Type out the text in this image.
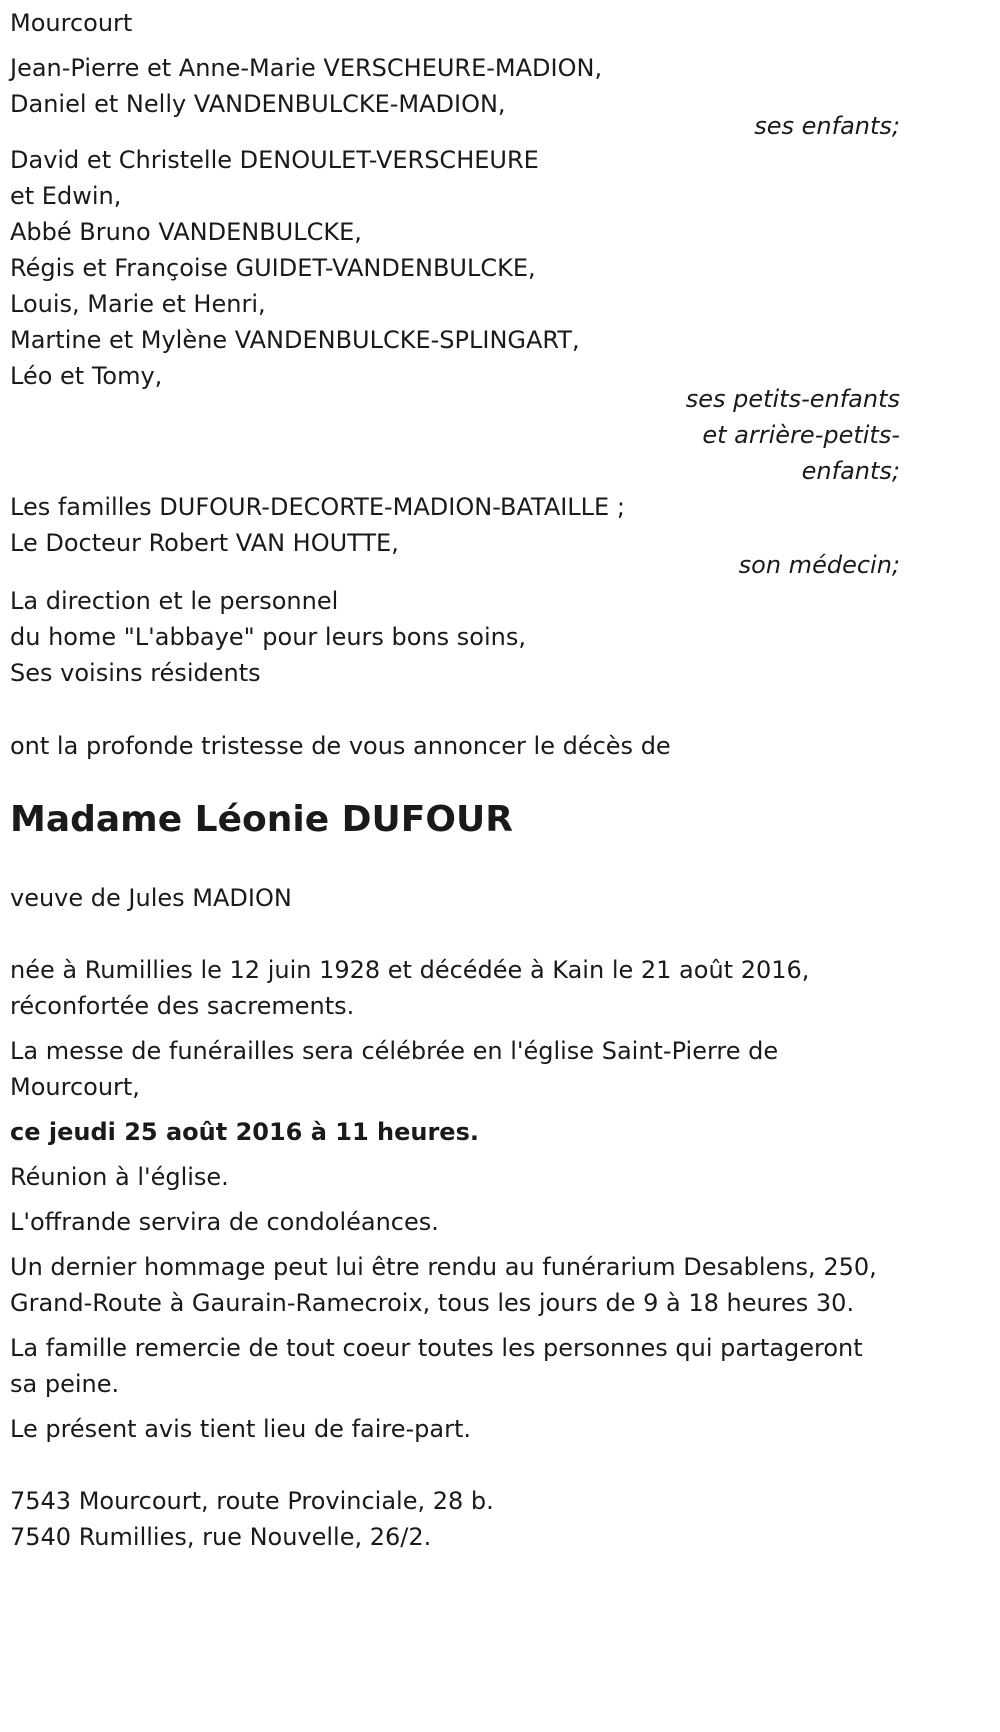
Mourcourt
Jean-Pierre et Anne-Marie VERSCHEURE-MADION,
Daniel et Nelly VANDENBULCKE-MADION,
ses enfants;
David et Christelle DENOULET-VERSCHEURE
et Edwin,
Abbé Bruno VANDENBULCKE,
Régis et Françoise GUIDET-VANDENBULCKE,
Louis, Marie et Henri,
Martine et Mylène VANDENBULCKE-SPLINGART,
Léo et Tomy,
ses petits-enfants
et arrière-petits-
enfants;
Les familles DUFOUR-DECORTE-MADION-BATAILLE ;
Le Docteur Robert VAN HOUTTE,
son médecin;
La direction et le personnel
du home "L'abbaye" pour leurs bons soins,
Ses voisins résidents
ont la profonde tristesse de vous annoncer le décès de
Madame Léonie DUFOUR
veuve de Jules MADION
née à Rumillies le 12 juin 1928 et décédée à Kain le 21 août 2016,
réconfortée des sacrements.
La messe de funérailles sera célébrée en l'église Saint-Pierre de
Mourcourt,
ce jeudi 25 août 2016 à 11 heures.
Réunion à l'église.
L'offrande servira de condoléances.
Un dernier hommage peut lui être rendu au funérarium Desablens, 250,
Grand-Route à Gaurain-Ramecroix, tous les jours de 9 à 18 heures 30.
La famille remercie de tout coeur toutes les personnes qui partageront
sa peine.
Le présent avis tient lieu de faire-part.
7543 Mourcourt, route Provinciale, 28 b.
7540 Rumillies, rue Nouvelle, 26/2.
